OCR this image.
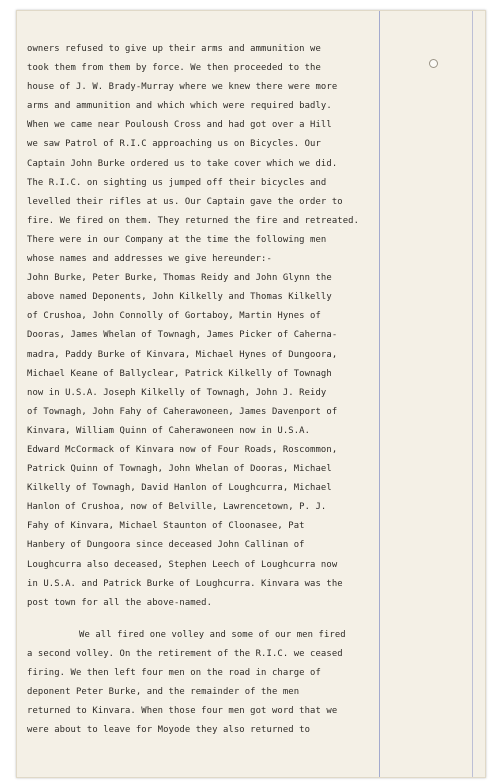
owners refused to give up their arms and ammunition we
took them from them by force. We then proceeded to the
house of J. W. Brady-Murray where we knew there were more
arms and ammunition and which which were required badly.
When we came near Pouloush Cross and had got over a Hill
we saw Patrol of R.I.C approaching us on Bicycles. Our
Captain John Burke ordered us to take cover which we did.
The R.I.C. on sighting us jumped off their bicycles and
levelled their rifles at us. Our Captain gave the order to
fire. We fired on them. They returned the fire and retreated.
There were in our Company at the time the following men
whose names and addresses we give hereunder:-
John Burke, Peter Burke, Thomas Reidy and John Glynn the
above named Deponents, John Kilkelly and Thomas Kilkelly
of Crushoa, John Connolly of Gortaboy, Martin Hynes of
Dooras, James Whelan of Townagh, James Picker of Caherna-
madra, Paddy Burke of Kinvara, Michael Hynes of Dungoora,
Michael Keane of Ballyclear, Patrick Kilkelly of Townagh
now in U.S.A. Joseph Kilkelly of Townagh, John J. Reidy
of Townagh, John Fahy of Caherawoneen, James Davenport of
Kinvara, William Quinn of Caherawoneen now in U.S.A.
Edward McCormack of Kinvara now of Four Roads, Roscommon,
Patrick Quinn of Townagh, John Whelan of Dooras, Michael
Kilkelly of Townagh, David Hanlon of Loughcurra, Michael
Hanlon of Crushoa, now of Belville, Lawrencetown, P. J.
Fahy of Kinvara, Michael Staunton of Cloonasee, Pat
Hanbery of Dungoora since deceased John Callinan of
Loughcurra also deceased, Stephen Leech of Loughcurra now
in U.S.A. and Patrick Burke of Loughcurra. Kinvara was the
post town for all the above-named.
We all fired one volley and some of our men fired
a second volley. On the retirement of the R.I.C. we ceased
firing. We then left four men on the road in charge of
deponent Peter Burke, and the remainder of the men
returned to Kinvara. When those four men got word that we
were about to leave for Moyode they also returned to
